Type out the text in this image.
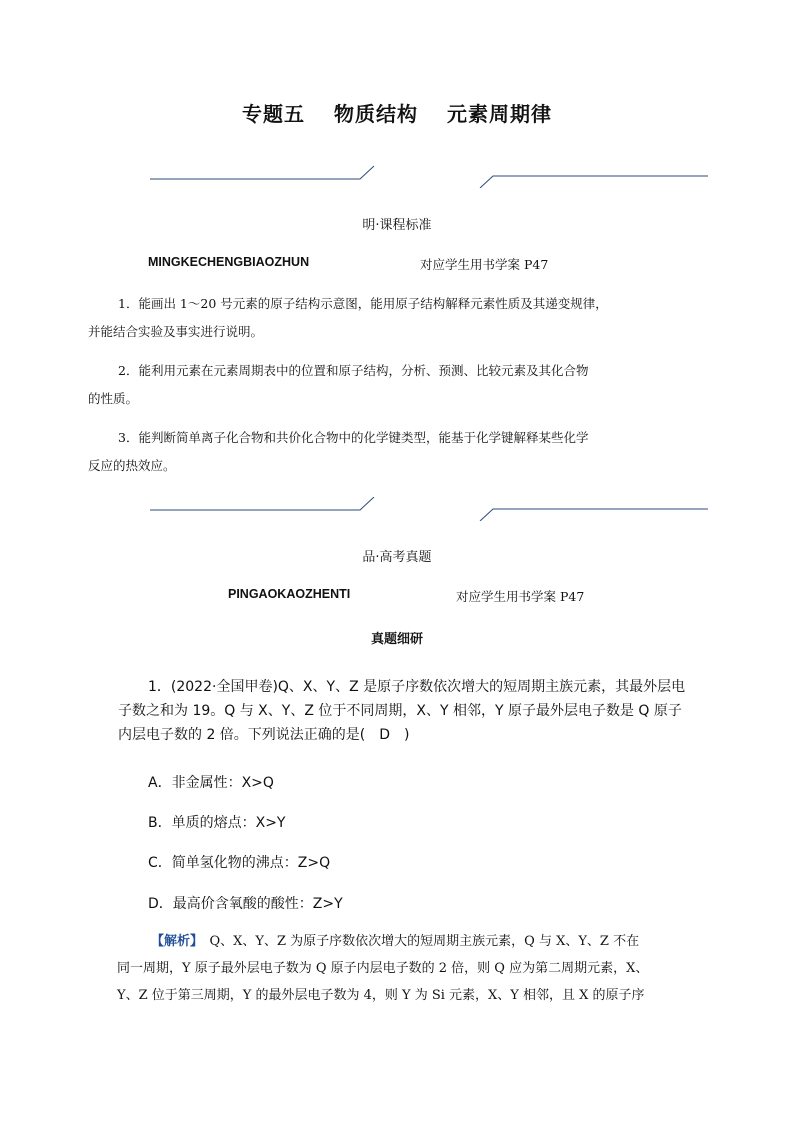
专题五　 物质结构　 元素周期律
明·课程标准
MINGKECHENGBIAOZHUN	对应学生用书学案 P47
1．能画出 1～20 号元素的原子结构示意图，能用原子结构解释元素性质及其递变规律，
并能结合实验及事实进行说明。
2．能利用元素在元素周期表中的位置和原子结构，分析、预测、比较元素及其化合物
的性质。
3．能判断简单离子化合物和共价化合物中的化学键类型，能基于化学键解释某些化学
反应的热效应。
品·高考真题
PINGAOKAOZHENTI	对应学生用书学案 P47
真题细研
1．(2022·全国甲卷)Q、X、Y、Z 是原子序数依次增大的短周期主族元素，其最外层电
子数之和为 19。Q 与 X、Y、Z 位于不同周期，X、Y 相邻，Y 原子最外层电子数是 Q 原子
内层电子数的 2 倍。下列说法正确的是(　D　)
A．非金属性：X>Q
B．单质的熔点：X>Y
C．简单氢化物的沸点：Z>Q
D．最高价含氧酸的酸性：Z>Y
【解析】　Q、X、Y、Z 为原子序数依次增大的短周期主族元素，Q 与 X、Y、Z 不在
同一周期，Y 原子最外层电子数为 Q 原子内层电子数的 2 倍，则 Q 应为第二周期元素，X、
Y、Z 位于第三周期，Y 的最外层电子数为 4，则 Y 为 Si 元素，X、Y 相邻，且 X 的原子序
